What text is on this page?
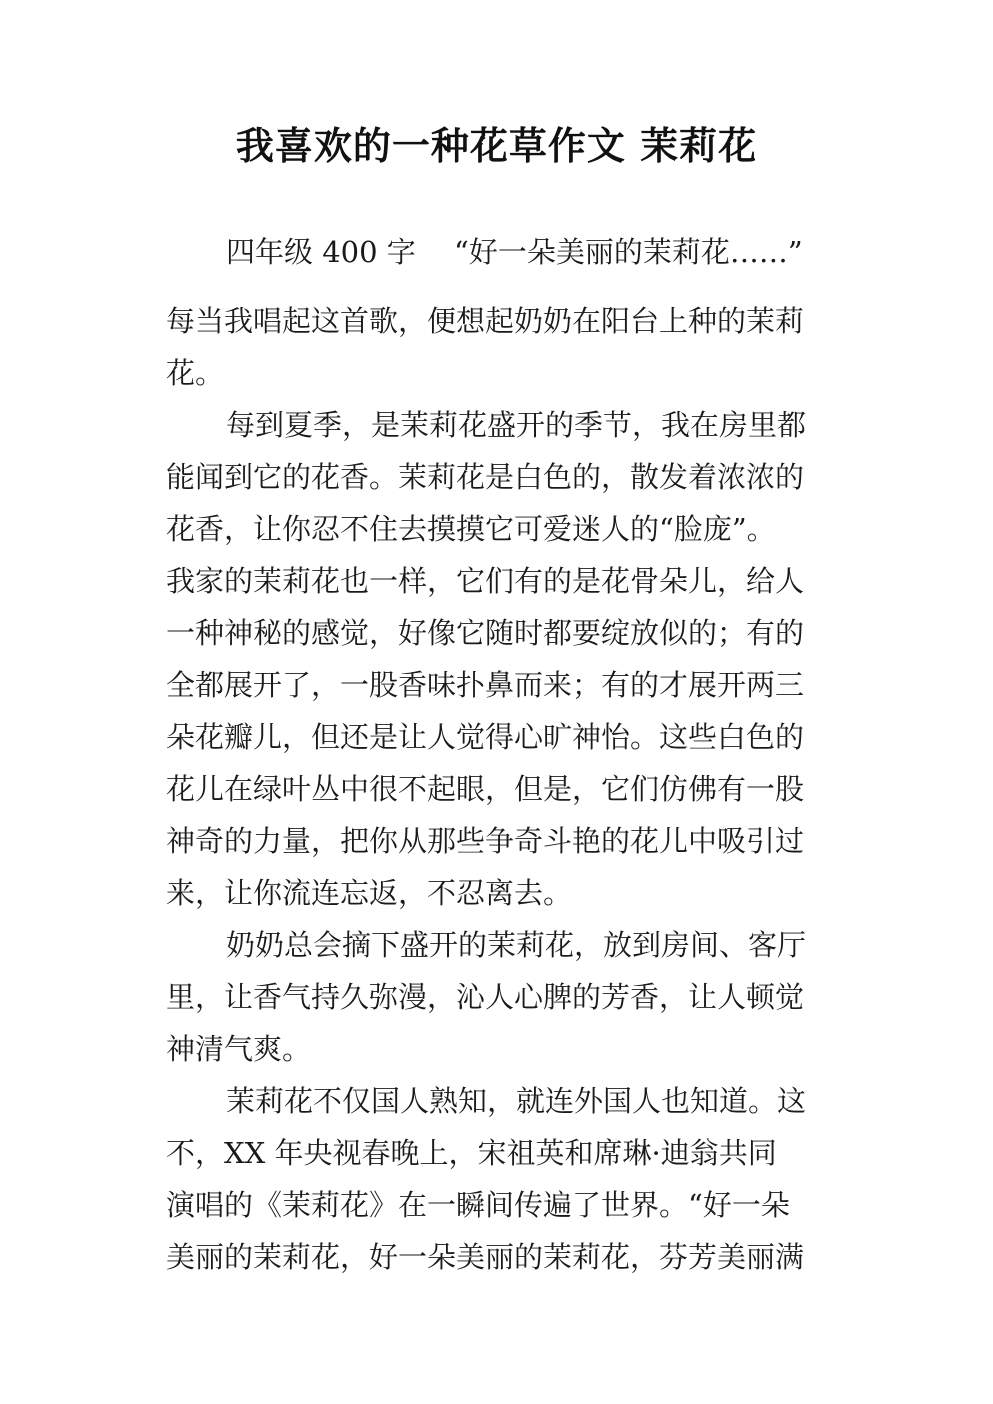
我喜欢的一种花草作文 茉莉花
四年级 400 字　 “好一朵美丽的茉莉花……”
每当我唱起这首歌，便想起奶奶在阳台上种的茉莉
花。
每到夏季，是茉莉花盛开的季节，我在房里都
能闻到它的花香。茉莉花是白色的，散发着浓浓的
花香，让你忍不住去摸摸它可爱迷人的“脸庞”。
我家的茉莉花也一样，它们有的是花骨朵儿，给人
一种神秘的感觉，好像它随时都要绽放似的；有的
全都展开了，一股香味扑鼻而来；有的才展开两三
朵花瓣儿，但还是让人觉得心旷神怡。这些白色的
花儿在绿叶丛中很不起眼，但是，它们仿佛有一股
神奇的力量，把你从那些争奇斗艳的花儿中吸引过
来，让你流连忘返，不忍离去。
奶奶总会摘下盛开的茉莉花，放到房间、客厅
里，让香气持久弥漫，沁人心脾的芳香，让人顿觉
神清气爽。
茉莉花不仅国人熟知，就连外国人也知道。这
不，XX 年央视春晚上，宋祖英和席琳·迪翁共同
演唱的《茉莉花》在一瞬间传遍了世界。“好一朵
美丽的茉莉花，好一朵美丽的茉莉花，芬芳美丽满
